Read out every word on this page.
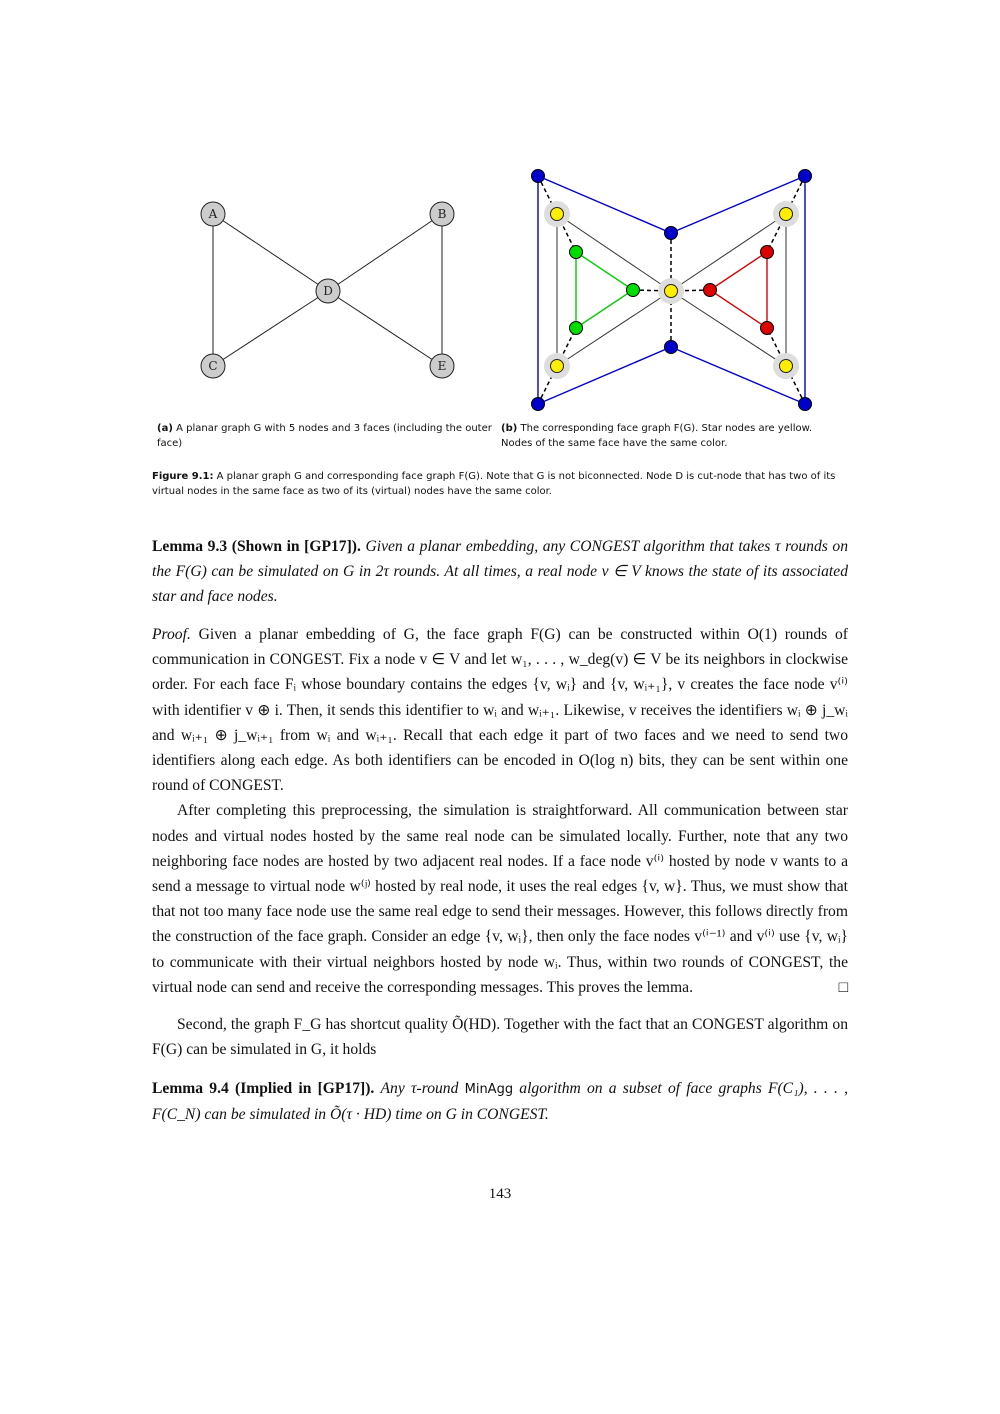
A	B
C
D
E
(a) A planar graph G with 5 nodes and 3 faces (including the outer face)
(b) The corresponding face graph F(G). Star nodes are yellow. Nodes of the same face have the same color.
Figure 9.1: A planar graph G and corresponding face graph F(G). Note that G is not biconnected. Node D is cut-node that has two of its virtual nodes in the same face as two of its (virtual) nodes have the same color.

Lemma 9.3 (Shown in [GP17]). Given a planar embedding, any CONGEST algorithm that takes τ rounds on the F(G) can be simulated on G in 2τ rounds. At all times, a real node v ∈ V knows the state of its associated star and face nodes.

Proof. Given a planar embedding of G, the face graph F(G) can be constructed within O(1) rounds of communication in CONGEST. Fix a node v ∈ V and let w₁, . . . , w_deg(v) ∈ V be its neighbors in clockwise order. For each face Fᵢ whose boundary contains the edges {v, wᵢ} and {v, wᵢ₊₁}, v creates the face node v⁽ⁱ⁾ with identifier v ⊕ i. Then, it sends this identifier to wᵢ and wᵢ₊₁. Likewise, v receives the identifiers wᵢ ⊕ j_wᵢ and wᵢ₊₁ ⊕ j_wᵢ₊₁ from wᵢ and wᵢ₊₁. Recall that each edge it part of two faces and we need to send two identifiers along each edge. As both identifiers can be encoded in O(log n) bits, they can be sent within one round of CONGEST.

After completing this preprocessing, the simulation is straightforward. All communication between star nodes and virtual nodes hosted by the same real node can be simulated locally. Further, note that any two neighboring face nodes are hosted by two adjacent real nodes. If a face node v⁽ⁱ⁾ hosted by node v wants to a send a message to virtual node w⁽ʲ⁾ hosted by real node, it uses the real edges {v, w}. Thus, we must show that that not too many face node use the same real edge to send their messages. However, this follows directly from the construction of the face graph. Consider an edge {v, wᵢ}, then only the face nodes v⁽ⁱ⁻¹⁾ and v⁽ⁱ⁾ use {v, wᵢ} to communicate with their virtual neighbors hosted by node wᵢ. Thus, within two rounds of CONGEST, the virtual node can send and receive the corresponding messages. This proves the lemma.	□

Second, the graph F_G has shortcut quality Õ(HD). Together with the fact that an CONGEST algorithm on F(G) can be simulated in G, it holds

Lemma 9.4 (Implied in [GP17]). Any τ-round MinAgg algorithm on a subset of face graphs F(C₁), . . . , F(C_N) can be simulated in Õ(τ · HD) time on G in CONGEST.

143
